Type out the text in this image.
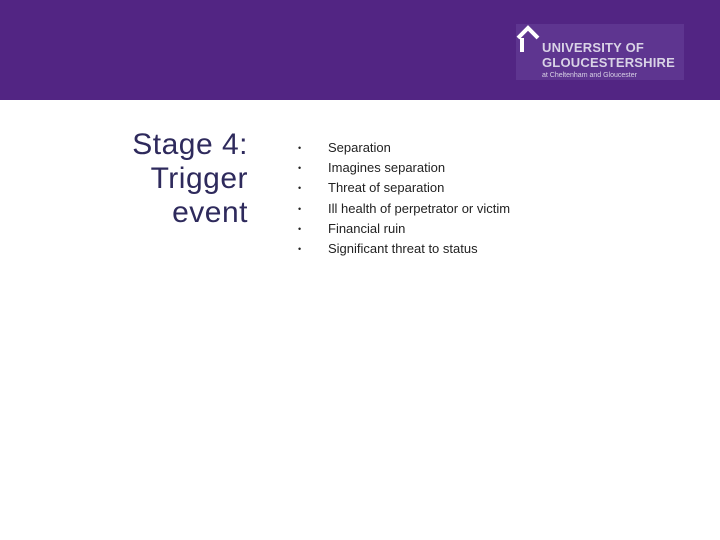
UNIVERSITY OF
GLOUCESTERSHIRE
at Cheltenham and Gloucester
Stage 4:
Trigger
event
• Separation
• Imagines separation
• Threat of separation
• Ill health of perpetrator or victim
• Financial ruin
• Significant threat to status
